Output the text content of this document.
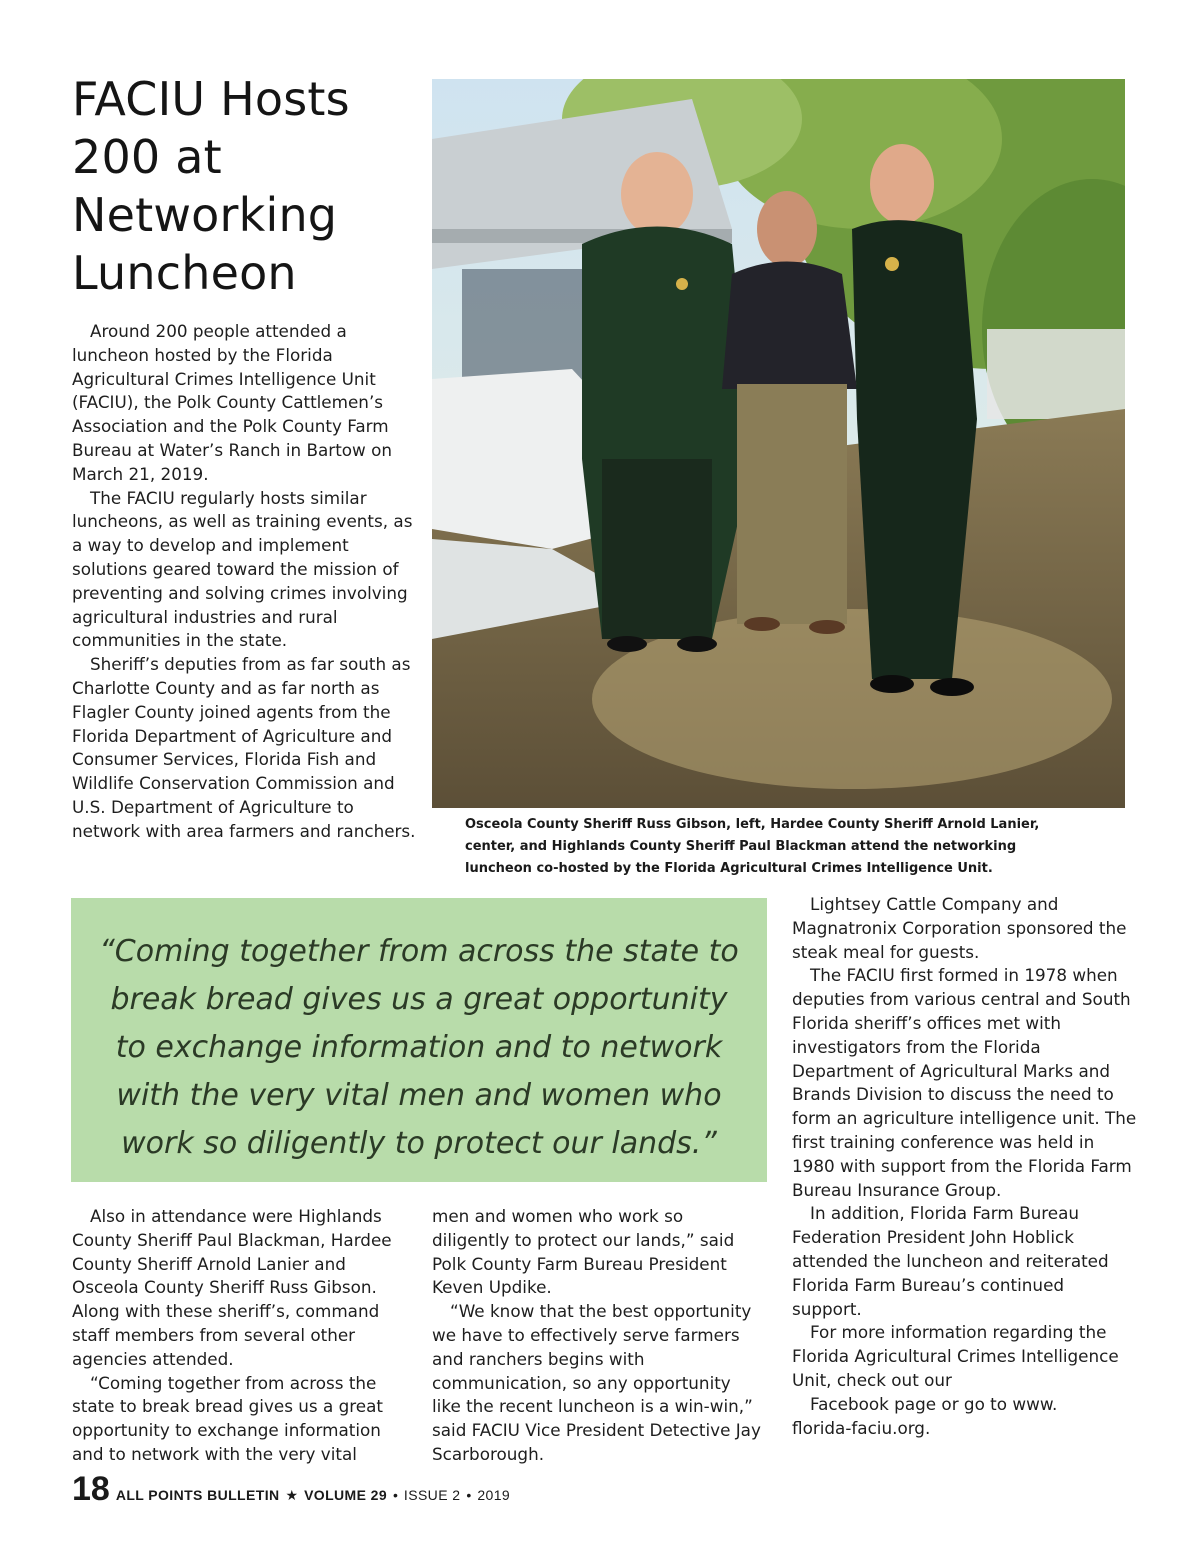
FACIU Hosts 200 at Networking Luncheon

Around 200 people attended a luncheon hosted by the Florida Agricultural Crimes Intelligence Unit (FACIU), the Polk County Cattlemen’s Association and the Polk County Farm Bureau at Water’s Ranch in Bartow on March 21, 2019.

The FACIU regularly hosts similar luncheons, as well as training events, as a way to develop and implement solutions geared toward the mission of preventing and solving crimes involving agricultural industries and rural communities in the state.

Sheriff’s deputies from as far south as Charlotte County and as far north as Flagler County joined agents from the Florida Department of Agriculture and Consumer Services, Florida Fish and Wildlife Conservation Commission and U.S. Department of Agriculture to network with area farmers and ranchers.	Osceola County Sheriff Russ Gibson, left, Hardee County Sheriff Arnold Lanier, center, and Highlands County Sheriff Paul Blackman attend the networking luncheon co-hosted by the Florida Agricultural Crimes Intelligence Unit.

“Coming together from across the state to break bread gives us a great opportunity to exchange information and to network with the very vital men and women who work so diligently to protect our lands.”

Also in attendance were Highlands County Sheriff Paul Blackman, Hardee County Sheriff Arnold Lanier and Osceola County Sheriff Russ Gibson. Along with these sheriff’s, command staff members from several other agencies attended.

“Coming together from across the state to break bread gives us a great opportunity to exchange information and to network with the very vital

men and women who work so diligently to protect our lands,” said Polk County Farm Bureau President Keven Updike.

“We know that the best opportunity we have to effectively serve farmers and ranchers begins with communication, so any opportunity like the recent luncheon is a win-win,” said FACIU Vice President Detective Jay Scarborough.

Lightsey Cattle Company and Magnatronix Corporation sponsored the steak meal for guests.

The FACIU first formed in 1978 when deputies from various central and South Florida sheriff’s offices met with investigators from the Florida Department of Agricultural Marks and Brands Division to discuss the need to form an agriculture intelligence unit. The first training conference was held in 1980 with support from the Florida Farm Bureau Insurance Group.

In addition, Florida Farm Bureau Federation President John Hoblick attended the luncheon and reiterated Florida Farm Bureau’s continued support.

For more information regarding the Florida Agricultural Crimes Intelligence Unit, check out our

Facebook page or go to www.

florida-faciu.org.

18 ALL POINTS BULLETIN ★ VOLUME 29 • ISSUE 2 • 2019
